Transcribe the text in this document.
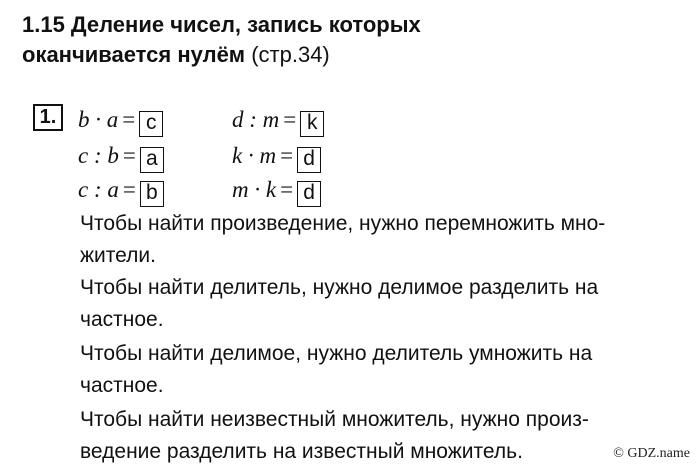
1.15 Деление чисел, запись которых
оканчивается нулём (стр.34)
1. b · a = c
c : b = a
c : a = b
d : m = k
k · m = d
m · k = d
Чтобы найти произведение, нужно перемножить мно-
жители.
Чтобы найти делитель, нужно делимое разделить на
частное.
Чтобы найти делимое, нужно делитель умножить на
частное.
Чтобы найти неизвестный множитель, нужно произ-
ведение разделить на известный множитель.	© GDZ.name
